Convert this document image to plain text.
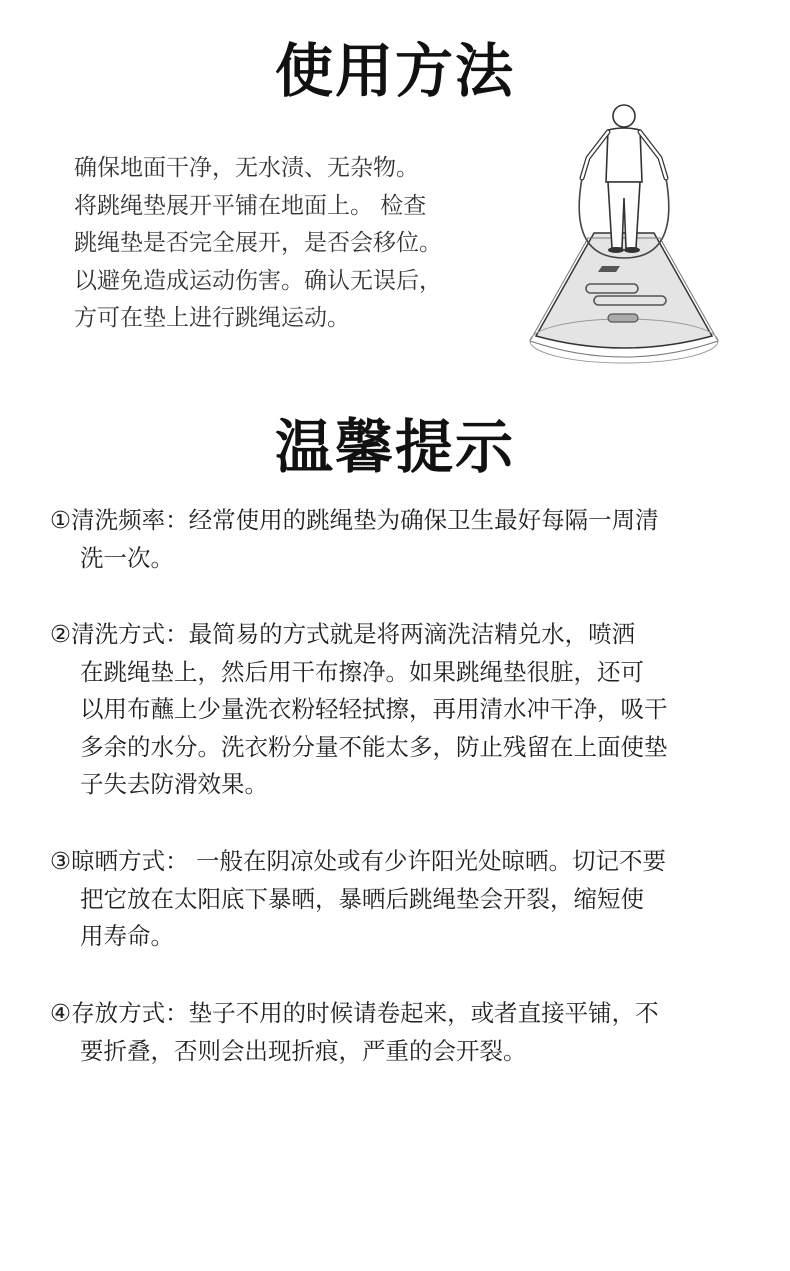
使用方法

确保地面干净，无水渍、无杂物。
将跳绳垫展开平铺在地面上。 检查
跳绳垫是否完全展开，是否会移位。
以避免造成运动伤害。确认无误后，
方可在垫上进行跳绳运动。

温馨提示
①清洗频率：经常使用的跳绳垫为确保卫生最好每隔一周清
洗一次。
②清洗方式：最简易的方式就是将两滴洗洁精兑水，喷洒
在跳绳垫上，然后用干布擦净。如果跳绳垫很脏，还可
以用布蘸上少量洗衣粉轻轻拭擦，再用清水冲干净，吸干
多余的水分。洗衣粉分量不能太多，防止残留在上面使垫
子失去防滑效果。
③晾晒方式： 一般在阴凉处或有少许阳光处晾晒。切记不要
把它放在太阳底下暴晒，暴晒后跳绳垫会开裂，缩短使
用寿命。
④存放方式：垫子不用的时候请卷起来，或者直接平铺，不
要折叠，否则会出现折痕，严重的会开裂。
